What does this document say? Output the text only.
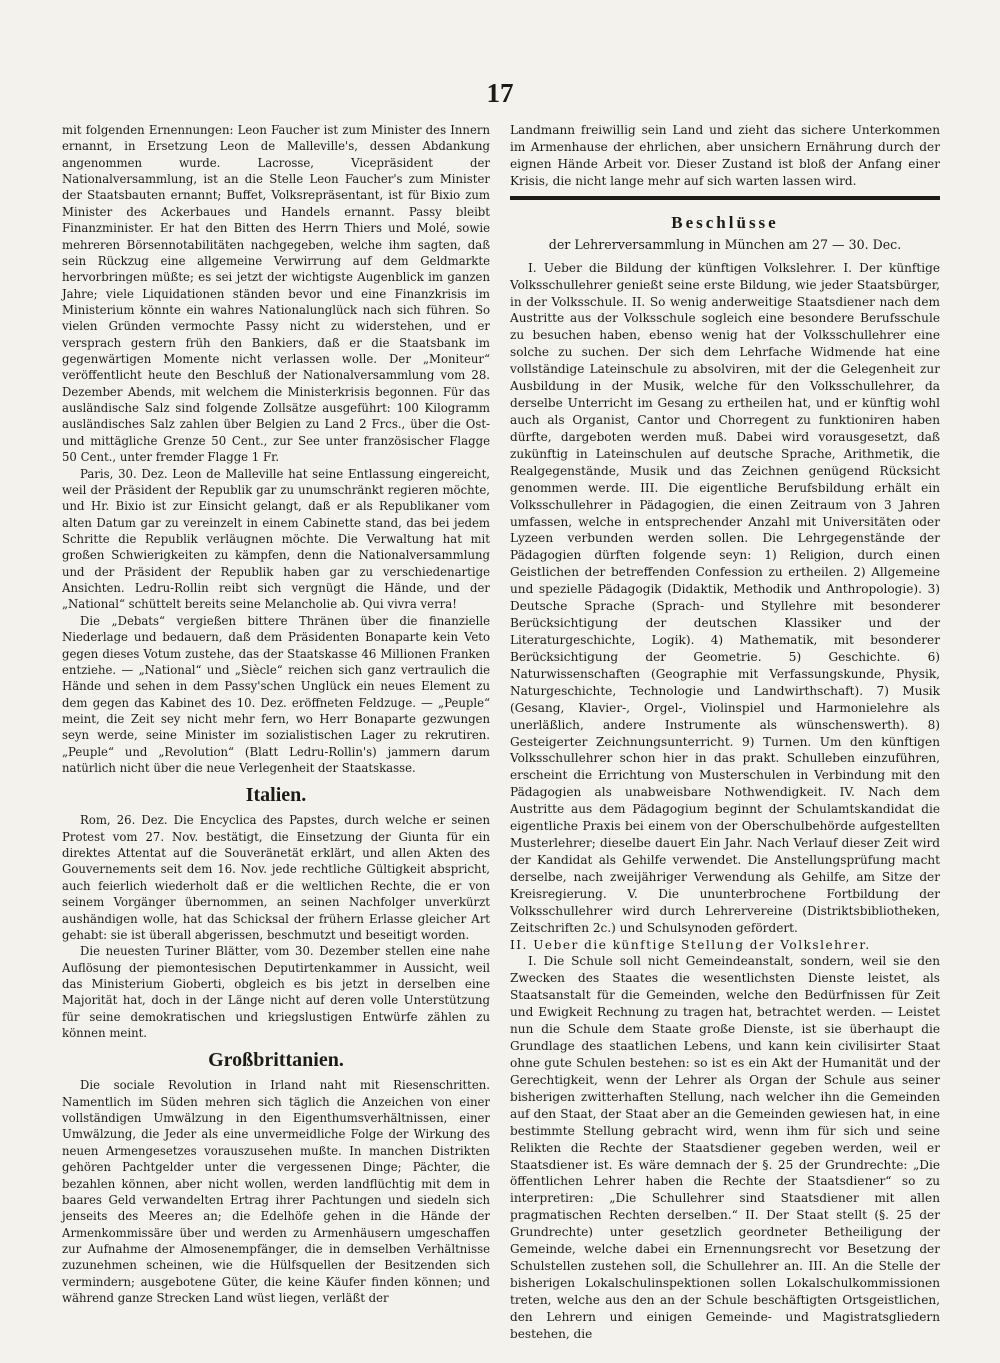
17

mit folgenden Ernennungen: Leon Faucher ist zum Minister des Innern ernannt, in Ersetzung Leon de Malleville's, dessen Abdankung angenommen wurde. Lacrosse, Vicepräsident der Nationalversammlung, ist an die Stelle Leon Faucher's zum Minister der Staatsbauten ernannt; Buffet, Volksrepräsentant, ist für Bixio zum Minister des Ackerbaues und Handels ernannt. Passy bleibt Finanzminister. Er hat den Bitten des Herrn Thiers und Molé, sowie mehreren Börsennotabilitäten nachgegeben, welche ihm sagten, daß sein Rückzug eine allgemeine Verwirrung auf dem Geldmarkte hervorbringen müßte; es sei jetzt der wichtigste Augenblick im ganzen Jahre; viele Liquidationen ständen bevor und eine Finanzkrisis im Ministerium könnte ein wahres Nationalunglück nach sich führen. So vielen Gründen vermochte Passy nicht zu widerstehen, und er versprach gestern früh den Bankiers, daß er die Staatsbank im gegenwärtigen Momente nicht verlassen wolle. Der „Moniteur“ veröffentlicht heute den Beschluß der Nationalversammlung vom 28. Dezember Abends, mit welchem die Ministerkrisis begonnen. Für das ausländische Salz sind folgende Zollsätze ausgeführt: 100 Kilogramm ausländisches Salz zahlen über Belgien zu Land 2 Frcs., über die Ost- und mittägliche Grenze 50 Cent., zur See unter französischer Flagge 50 Cent., unter fremder Flagge 1 Fr.

Paris, 30. Dez. Leon de Malleville hat seine Entlassung eingereicht, weil der Präsident der Republik gar zu unumschränkt regieren möchte, und Hr. Bixio ist zur Einsicht gelangt, daß er als Republikaner vom alten Datum gar zu vereinzelt in einem Cabinette stand, das bei jedem Schritte die Republik verläugnen möchte. Die Verwaltung hat mit großen Schwierigkeiten zu kämpfen, denn die Nationalversammlung und der Präsident der Republik haben gar zu verschiedenartige Ansichten. Ledru-Rollin reibt sich vergnügt die Hände, und der „National“ schüttelt bereits seine Melancholie ab. Qui vivra verra!

Die „Debats“ vergießen bittere Thränen über die finanzielle Niederlage und bedauern, daß dem Präsidenten Bonaparte kein Veto gegen dieses Votum zustehe, das der Staatskasse 46 Millionen Franken entziehe. — „National“ und „Siècle“ reichen sich ganz vertraulich die Hände und sehen in dem Passy'schen Unglück ein neues Element zu dem gegen das Kabinet des 10. Dez. eröffneten Feldzuge. — „Peuple“ meint, die Zeit sey nicht mehr fern, wo Herr Bonaparte gezwungen seyn werde, seine Minister im sozialistischen Lager zu rekrutiren. „Peuple“ und „Revolution“ (Blatt Ledru-Rollin's) jammern darum natürlich nicht über die neue Verlegenheit der Staatskasse.

Italien.

Rom, 26. Dez. Die Encyclica des Papstes, durch welche er seinen Protest vom 27. Nov. bestätigt, die Einsetzung der Giunta für ein direktes Attentat auf die Souveränetät erklärt, und allen Akten des Gouvernements seit dem 16. Nov. jede rechtliche Gültigkeit abspricht, auch feierlich wiederholt daß er die weltlichen Rechte, die er von seinem Vorgänger übernommen, an seinen Nachfolger unverkürzt aushändigen wolle, hat das Schicksal der frühern Erlasse gleicher Art gehabt: sie ist überall abgerissen, beschmutzt und beseitigt worden.

Die neuesten Turiner Blätter, vom 30. Dezember stellen eine nahe Auflösung der piemontesischen Deputirtenkammer in Aussicht, weil das Ministerium Gioberti, obgleich es bis jetzt in derselben eine Majorität hat, doch in der Länge nicht auf deren volle Unterstützung für seine demokratischen und kriegslustigen Entwürfe zählen zu können meint.

Großbrittanien.

Die sociale Revolution in Irland naht mit Riesenschritten. Namentlich im Süden mehren sich täglich die Anzeichen von einer vollständigen Umwälzung in den Eigenthumsverhältnissen, einer Umwälzung, die Jeder als eine unvermeidliche Folge der Wirkung des neuen Armengesetzes vorauszusehen mußte. In manchen Distrikten gehören Pachtgelder unter die vergessenen Dinge; Pächter, die bezahlen können, aber nicht wollen, werden landflüchtig mit dem in baares Geld verwandelten Ertrag ihrer Pachtungen und siedeln sich jenseits des Meeres an; die Edelhöfe gehen in die Hände der Armenkommissäre über und werden zu Armenhäusern umgeschaffen zur Aufnahme der Almosenempfänger, die in demselben Verhältnisse zuzunehmen scheinen, wie die Hülfsquellen der Besitzenden sich vermindern; ausgebotene Güter, die keine Käufer finden können; und während ganze Strecken Land wüst liegen, verläßt der

Landmann freiwillig sein Land und zieht das sichere Unterkommen im Armenhause der ehrlichen, aber unsichern Ernährung durch der eignen Hände Arbeit vor. Dieser Zustand ist bloß der Anfang einer Krisis, die nicht lange mehr auf sich warten lassen wird.

Beschlüsse
der Lehrerversammlung in München am 27 — 30. Dec.

I. Ueber die Bildung der künftigen Volkslehrer. I. Der künftige Volksschullehrer genießt seine erste Bildung, wie jeder Staatsbürger, in der Volksschule. II. So wenig anderweitige Staatsdiener nach dem Austritte aus der Volksschule sogleich eine besondere Berufsschule zu besuchen haben, ebenso wenig hat der Volksschullehrer eine solche zu suchen. Der sich dem Lehrfache Widmende hat eine vollständige Lateinschule zu absolviren, mit der die Gelegenheit zur Ausbildung in der Musik, welche für den Volksschullehrer, da derselbe Unterricht im Gesang zu ertheilen hat, und er künftig wohl auch als Organist, Cantor und Chorregent zu funktioniren haben dürfte, dargeboten werden muß. Dabei wird vorausgesetzt, daß zukünftig in Lateinschulen auf deutsche Sprache, Arithmetik, die Realgegenstände, Musik und das Zeichnen genügend Rücksicht genommen werde. III. Die eigentliche Berufsbildung erhält ein Volksschullehrer in Pädagogien, die einen Zeitraum von 3 Jahren umfassen, welche in entsprechender Anzahl mit Universitäten oder Lyzeen verbunden werden sollen. Die Lehrgegenstände der Pädagogien dürften folgende seyn: 1) Religion, durch einen Geistlichen der betreffenden Confession zu ertheilen. 2) Allgemeine und spezielle Pädagogik (Didaktik, Methodik und Anthropologie). 3) Deutsche Sprache (Sprach- und Styllehre mit besonderer Berücksichtigung der deutschen Klassiker und der Literaturgeschichte, Logik). 4) Mathematik, mit besonderer Berücksichtigung der Geometrie. 5) Geschichte. 6) Naturwissenschaften (Geographie mit Verfassungskunde, Physik, Naturgeschichte, Technologie und Landwirthschaft). 7) Musik (Gesang, Klavier-, Orgel-, Violinspiel und Harmonielehre als unerläßlich, andere Instrumente als wünschenswerth). 8) Gesteigerter Zeichnungsunterricht. 9) Turnen. Um den künftigen Volksschullehrer schon hier in das prakt. Schulleben einzuführen, erscheint die Errichtung von Musterschulen in Verbindung mit den Pädagogien als unabweisbare Nothwendigkeit. IV. Nach dem Austritte aus dem Pädagogium beginnt der Schulamtskandidat die eigentliche Praxis bei einem von der Oberschulbehörde aufgestellten Musterlehrer; dieselbe dauert Ein Jahr. Nach Verlauf dieser Zeit wird der Kandidat als Gehilfe verwendet. Die Anstellungsprüfung macht derselbe, nach zweijähriger Verwendung als Gehilfe, am Sitze der Kreisregierung. V. Die ununterbrochene Fortbildung der Volksschullehrer wird durch Lehrervereine (Distriktsbibliotheken, Zeitschriften 2c.) und Schulsynoden gefördert.

II. Ueber die künftige Stellung der Volkslehrer.

I. Die Schule soll nicht Gemeindeanstalt, sondern, weil sie den Zwecken des Staates die wesentlichsten Dienste leistet, als Staatsanstalt für die Gemeinden, welche den Bedürfnissen für Zeit und Ewigkeit Rechnung zu tragen hat, betrachtet werden. — Leistet nun die Schule dem Staate große Dienste, ist sie überhaupt die Grundlage des staatlichen Lebens, und kann kein civilisirter Staat ohne gute Schulen bestehen: so ist es ein Akt der Humanität und der Gerechtigkeit, wenn der Lehrer als Organ der Schule aus seiner bisherigen zwitterhaften Stellung, nach welcher ihn die Gemeinden auf den Staat, der Staat aber an die Gemeinden gewiesen hat, in eine bestimmte Stellung gebracht wird, wenn ihm für sich und seine Relikten die Rechte der Staatsdiener gegeben werden, weil er Staatsdiener ist. Es wäre demnach der §. 25 der Grundrechte: „Die öffentlichen Lehrer haben die Rechte der Staatsdiener“ so zu interpretiren: „Die Schullehrer sind Staatsdiener mit allen pragmatischen Rechten derselben.“ II. Der Staat stellt (§. 25 der Grundrechte) unter gesetzlich geordneter Betheiligung der Gemeinde, welche dabei ein Ernennungsrecht vor Besetzung der Schulstellen zustehen soll, die Schullehrer an. III. An die Stelle der bisherigen Lokalschulinspektionen sollen Lokalschulkommissionen treten, welche aus den an der Schule beschäftigten Ortsgeistlichen, den Lehrern und einigen Gemeinde- und Magistratsgliedern bestehen, die
